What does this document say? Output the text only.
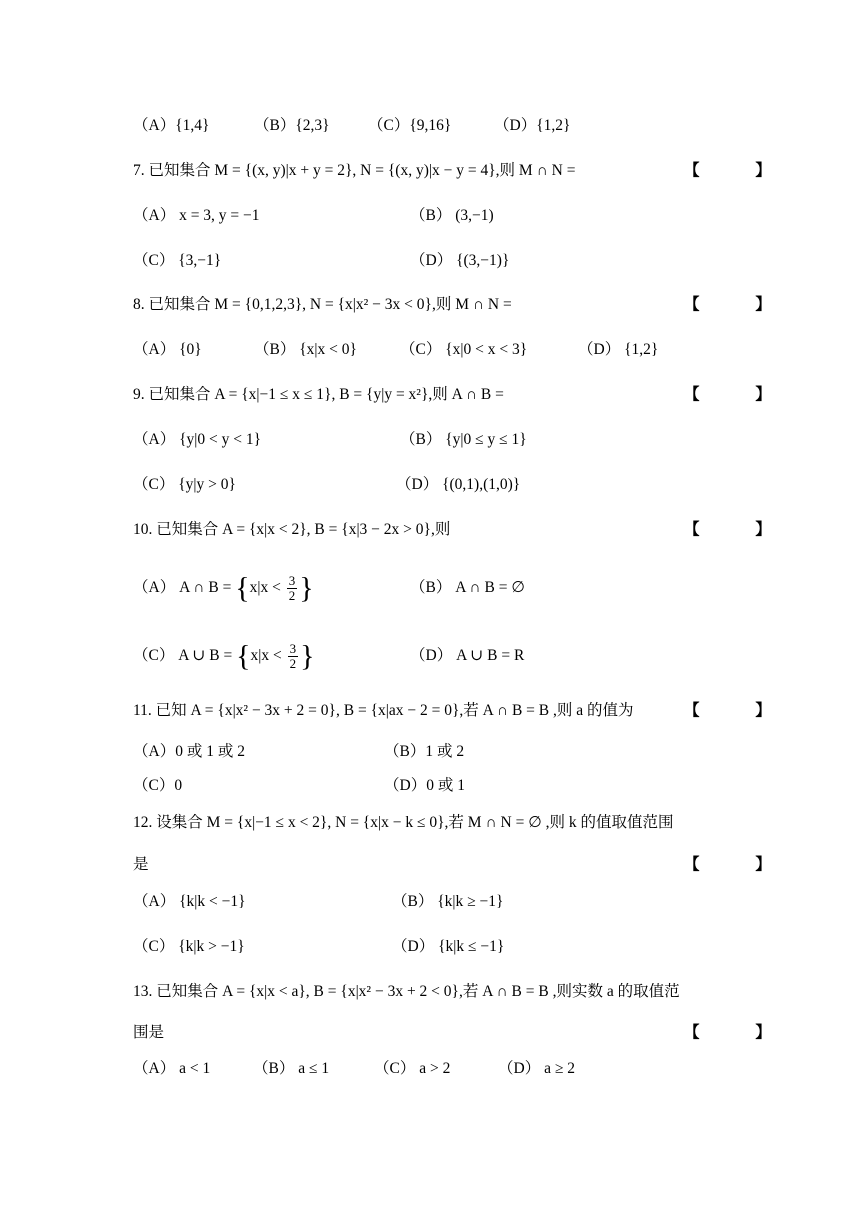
（A）{1,4}	（B）{2,3} （C）{9,16}	（D）{1,2}
7. 已知集合 M = {(x, y)|x + y = 2}, N = {(x, y)|x − y = 4},则 M ∩ N =	【 】
（A） x = 3, y = −1	（B） (3,−1)
（C） {3,−1}	（D） {(3,−1)}
8. 已知集合 M = {0,1,2,3}, N = {x|x² − 3x < 0},则 M ∩ N =	【 】
（A） {0}	（B） {x|x < 0}	（C） {x|0 < x < 3}	（D） {1,2}
9. 已知集合 A = {x|−1 ≤ x ≤ 1}, B = {y|y = x²},则 A ∩ B =	【 】
（A） {y|0 < y < 1}	（B） {y|0 ≤ y ≤ 1}
（C） {y|y > 0}	（D） {(0,1),(1,0)}
10. 已知集合 A = {x|x < 2}, B = {x|3 − 2x > 0},则	【 】
（A） A ∩ $B = \{x|x < \frac{3}{2}$ }	（B） A ∩ B = ∅
（C） A ∪ $B = \{x|x < \frac{3}{2}$ }	（D） A ∪ B = R
11. 已知 A = {x|x² − 3x + 2 = 0}, B = {x|ax − 2 = 0},若 A ∩ B = B ,则 a 的值为	【 】
（A）0 或 1 或 2	（B）1 或 2
（C）0	（D）0 或 1
12. 设集合 M = {x|−1 ≤ x < 2}, N = {x|x − k ≤ 0},若 M ∩ N = ∅ ,则 k 的值取值范围
是	【 】
（A） {k|k < −1}	（B） {k|k ≥ −1}
（C） {k|k > −1}	（D） {k|k ≤ −1}
13. 已知集合 A = {x|x < a}, B = {x|x² − 3x + 2 < 0},若 A ∩ B = B ,则实数 a 的取值范
围是	【 】
（A） a < 1	（B） a ≤ 1	（C） a > 2	（D） a ≥ 2
